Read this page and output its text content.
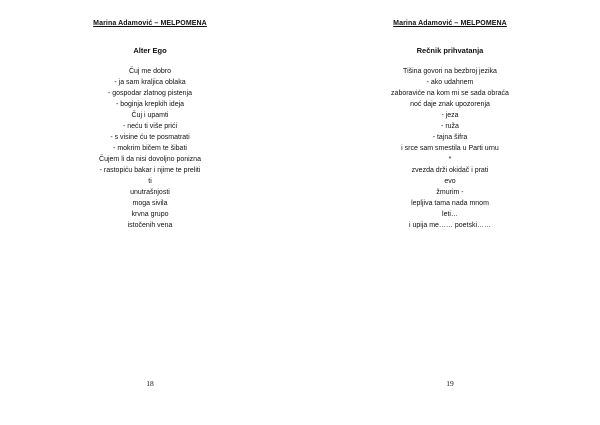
Marina Adamović – MELPOMENA
Alter Ego
Čuj me dobro
- ja sam kraljica oblaka
- gospodar zlatnog pistenja
- boginja krepkih ideja
Čuj i upamti
- neću ti više prići
- s visine ću te posmatrati
- mokrim bičem te šibati
Čujem li da nisi dovoljno ponizna
- rastopiću bakar i njime te preliti
ti
unutrašnjosti
moga sivila
krvna grupo
istočenih vena
18
Marina Adamović – MELPOMENA
Rečnik prihvatanja
Tišina govori na bezbroj jezika
- ako udahnem
zaboraviće na kom mi se sada obraća
noć daje znak upozorenja
- jeza
- ruža
- tajna šifra
i srce sam smestila u Parti urnu
*
zvezda drži okidač i prati
evo
žmurim -
lepljiva tama nada mnom
leti…
i upija me…… poetski……
19
